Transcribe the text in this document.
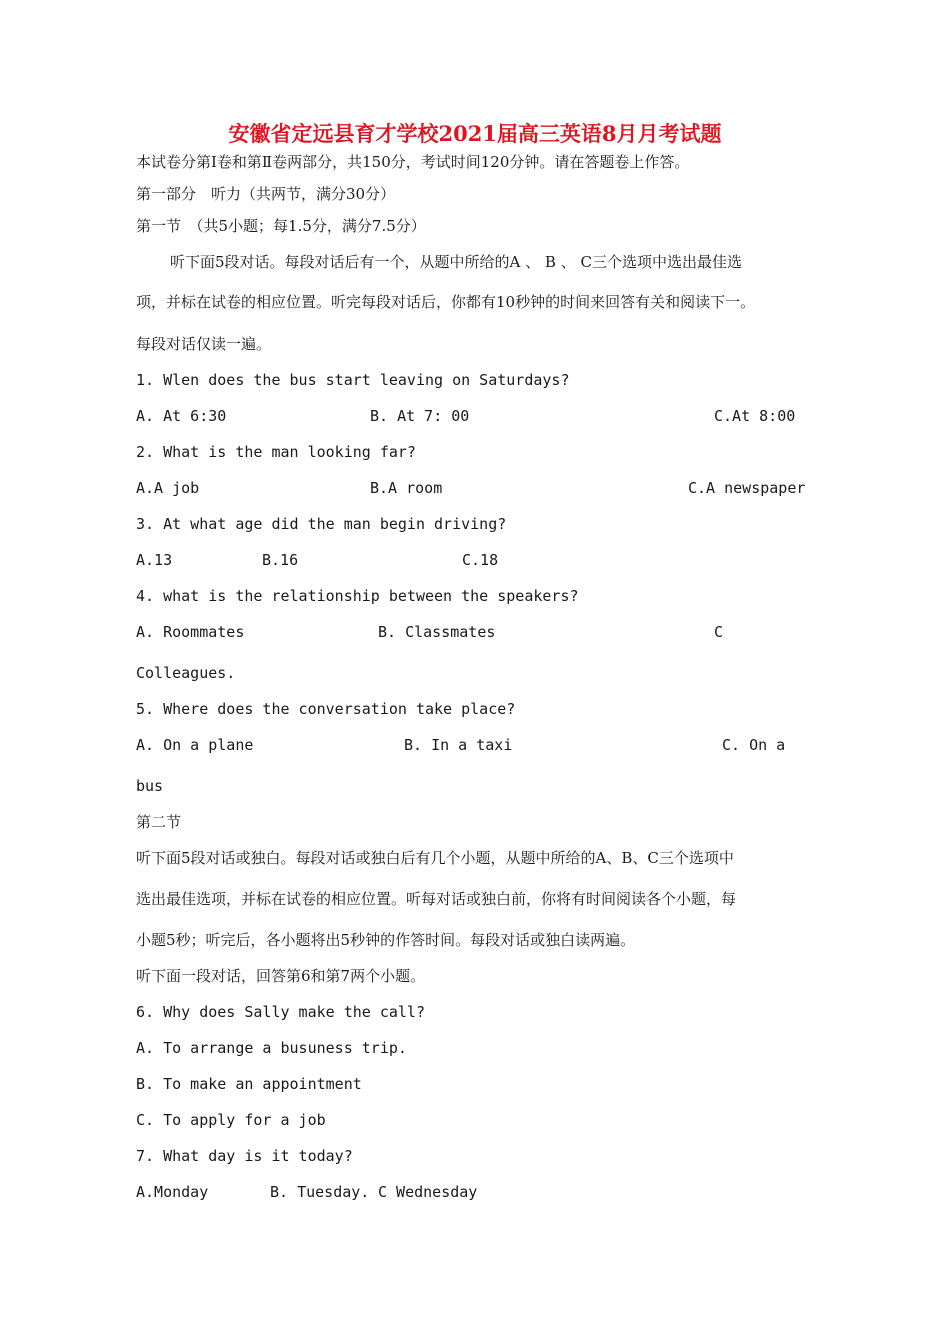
安徽省定远县育才学校2021届高三英语8月月考试题
本试卷分第Ⅰ卷和第Ⅱ卷两部分，共150分，考试时间120分钟。请在答题卷上作答。
第一部分　听力（共两节，满分30分）
第一节　（共5小题；每1.5分，满分7.5分）
听下面5段对话。每段对话后有一个，从题中所给的A 、 B 、 C三个选项中选出最佳选
项，并标在试卷的相应位置。听完每段对话后，你都有10秒钟的时间来回答有关和阅读下一。
每段对话仅读一遍。
1. Wlen does the bus start leaving on Saturdays?
A. At 6:30	B. At 7: 00	C.At 8:00
2. What is the man looking far?
A.A job	B.A room	C.A newspaper
3. At what age did the man begin driving?
A.13	B.16	C.18
4. what is the relationship between the speakers?
A. Roommates	B. Classmates	C
Colleagues.
5. Where does the conversation take place?
A. On a plane	B. In a taxi	C. On a
bus
第二节
听下面5段对话或独白。每段对话或独白后有几个小题，从题中所给的A、B、C三个选项中
选出最佳选项，并标在试卷的相应位置。听每对话或独白前，你将有时间阅读各个小题，每
小题5秒；听完后，各小题将出5秒钟的作答时间。每段对话或独白读两遍。
听下面一段对话，回答第6和第7两个小题。
6. Why does Sally make the call?
A. To arrange a busuness trip.
B. To make an appointment
C. To apply for a job
7. What day is it today?
A.Monday	B. Tuesday. C Wednesday
